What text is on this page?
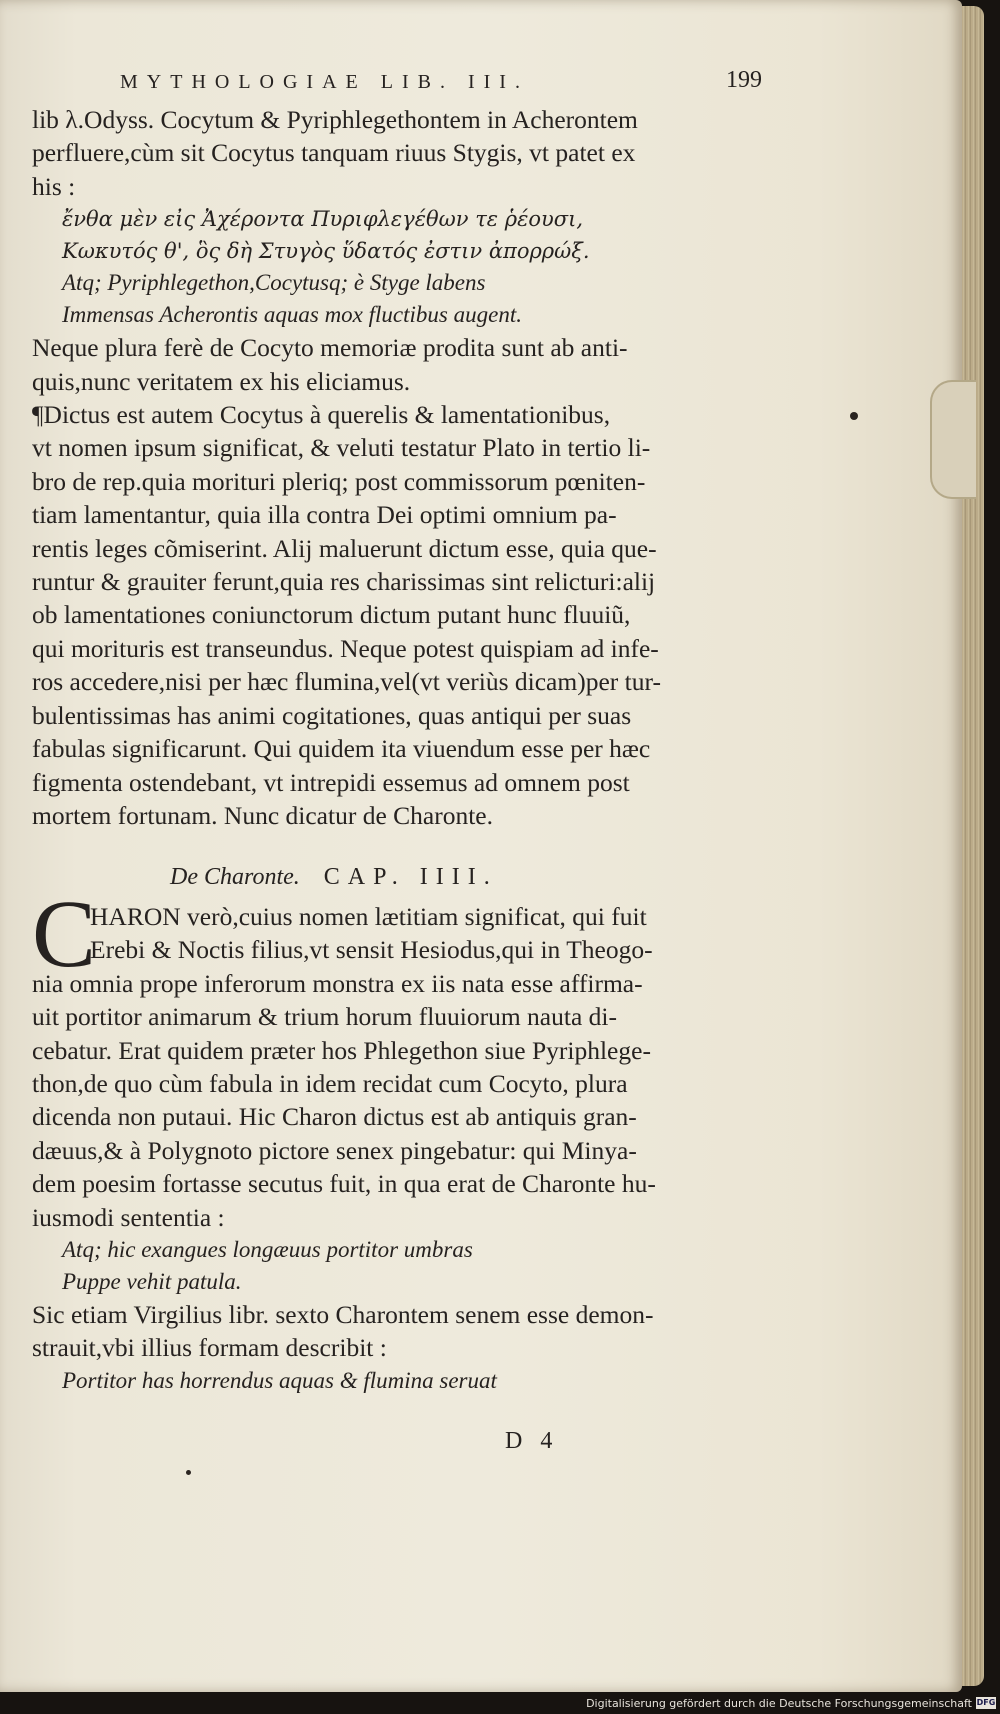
MYTHOLOGIAE LIB. III.	199
lib λ.Odyss. Cocytum & Pyriphlegethontem in Acherontem
perfluere,cùm sit Cocytus tanquam riuus Stygis, vt patet ex
his :
ἔνθα μὲν εἰς Ἀχέροντα Πυριφλεγέθων τε ῥέουσι,
Κωκυτός θ', ὃς δὴ Στυγὸς ὕδατός ἐστιν ἀπορρώξ.
Atq; Pyriphlegethon,Cocytusq; è Styge labens
Immensas Acherontis aquas mox fluctibus augent.
Neque plura ferè de Cocyto memoriæ prodita sunt ab anti-
quis,nunc veritatem ex his eliciamus.
¶Dictus est autem Cocytus à querelis & lamentationibus,
vt nomen ipsum significat, & veluti testatur Plato in tertio li-
bro de rep.quia morituri pleriq; post commissorum pœniten-
tiam lamentantur, quia illa contra Dei optimi omnium pa-
rentis leges cõmiserint. Alij maluerunt dictum esse, quia que-
runtur & grauiter ferunt,quia res charissimas sint relicturi:alij
ob lamentationes coniunctorum dictum putant hunc fluuiũ,
qui morituris est transeundus. Neque potest quispiam ad infe-
ros accedere,nisi per hæc flumina,vel(vt veriùs dicam)per tur-
bulentissimas has animi cogitationes, quas antiqui per suas
fabulas significarunt. Qui quidem ita viuendum esse per hæc
figmenta ostendebant, vt intrepidi essemus ad omnem post
mortem fortunam. Nunc dicatur de Charonte.
De Charonte. CAP. IIII.
C
HARON verò,cuius nomen lætitiam significat, qui fuit
Erebi & Noctis filius,vt sensit Hesiodus,qui in Theogo-
nia omnia prope inferorum monstra ex iis nata esse affirma-
uit portitor animarum & trium horum fluuiorum nauta di-
cebatur. Erat quidem præter hos Phlegethon siue Pyriphlege-
thon,de quo cùm fabula in idem recidat cum Cocyto, plura
dicenda non putaui. Hic Charon dictus est ab antiquis gran-
dæuus,& à Polygnoto pictore senex pingebatur: qui Minya-
dem poesim fortasse secutus fuit, in qua erat de Charonte hu-
iusmodi sententia :
Atq; hic exangues longæuus portitor umbras
Puppe vehit patula.
Sic etiam Virgilius libr. sexto Charontem senem esse demon-
strauit,vbi illius formam describit :
Portitor has horrendus aquas & flumina seruat
D 4
Digitalisierung gefördert durch die Deutsche Forschungsgemeinschaft DFG
